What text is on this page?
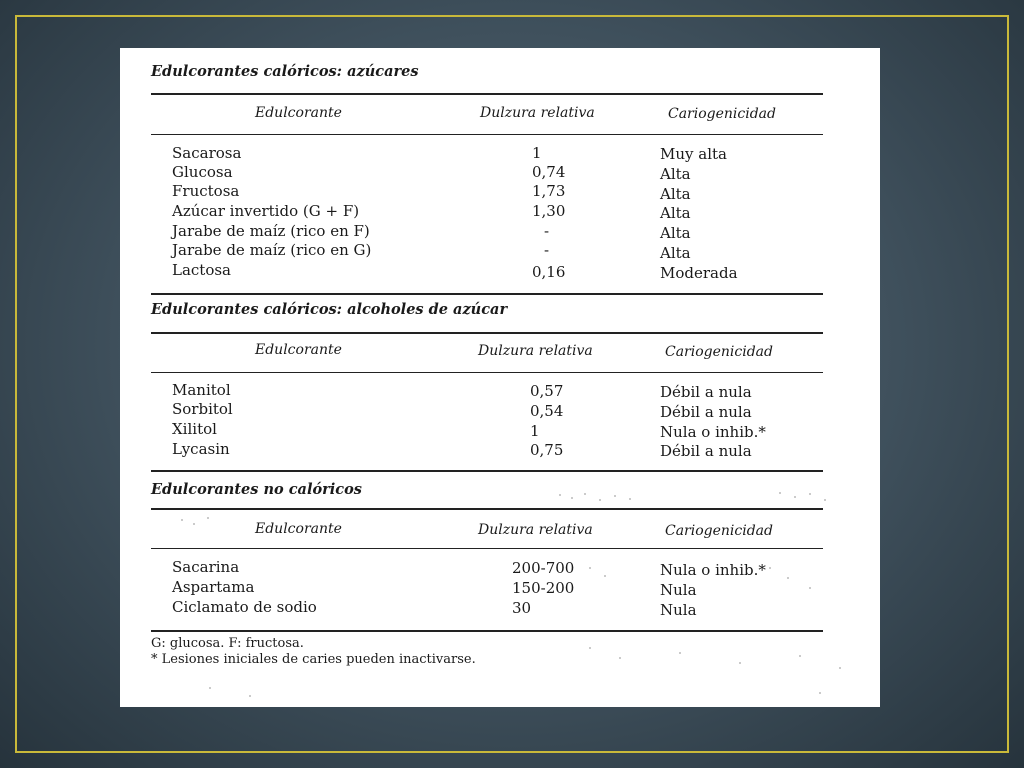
Edulcorantes calóricos: azúcares
Edulcorante	Dulzura relativa	Cariogenicidad
Sacarosa	1	Muy alta
Glucosa	0,74	Alta
Fructosa	1,73	Alta
Azúcar invertido (G + F)	1,30	Alta
Jarabe de maíz (rico en F)	-	Alta
Jarabe de maíz (rico en G)	-	Alta
Lactosa	0,16	Moderada
Edulcorantes calóricos: alcoholes de azúcar
Edulcorante	Dulzura relativa	Cariogenicidad
Manitol	0,57	Débil a nula
Sorbitol	0,54	Débil a nula
Xilitol	1	Nula o inhib.*
Lycasin	0,75	Débil a nula
Edulcorantes no calóricos
Edulcorante	Dulzura relativa	Cariogenicidad
Sacarina	200-700	Nula o inhib.*
Aspartama	150-200	Nula
Ciclamato de sodio	30	Nula
G: glucosa. F: fructosa.
* Lesiones iniciales de caries pueden inactivarse.
